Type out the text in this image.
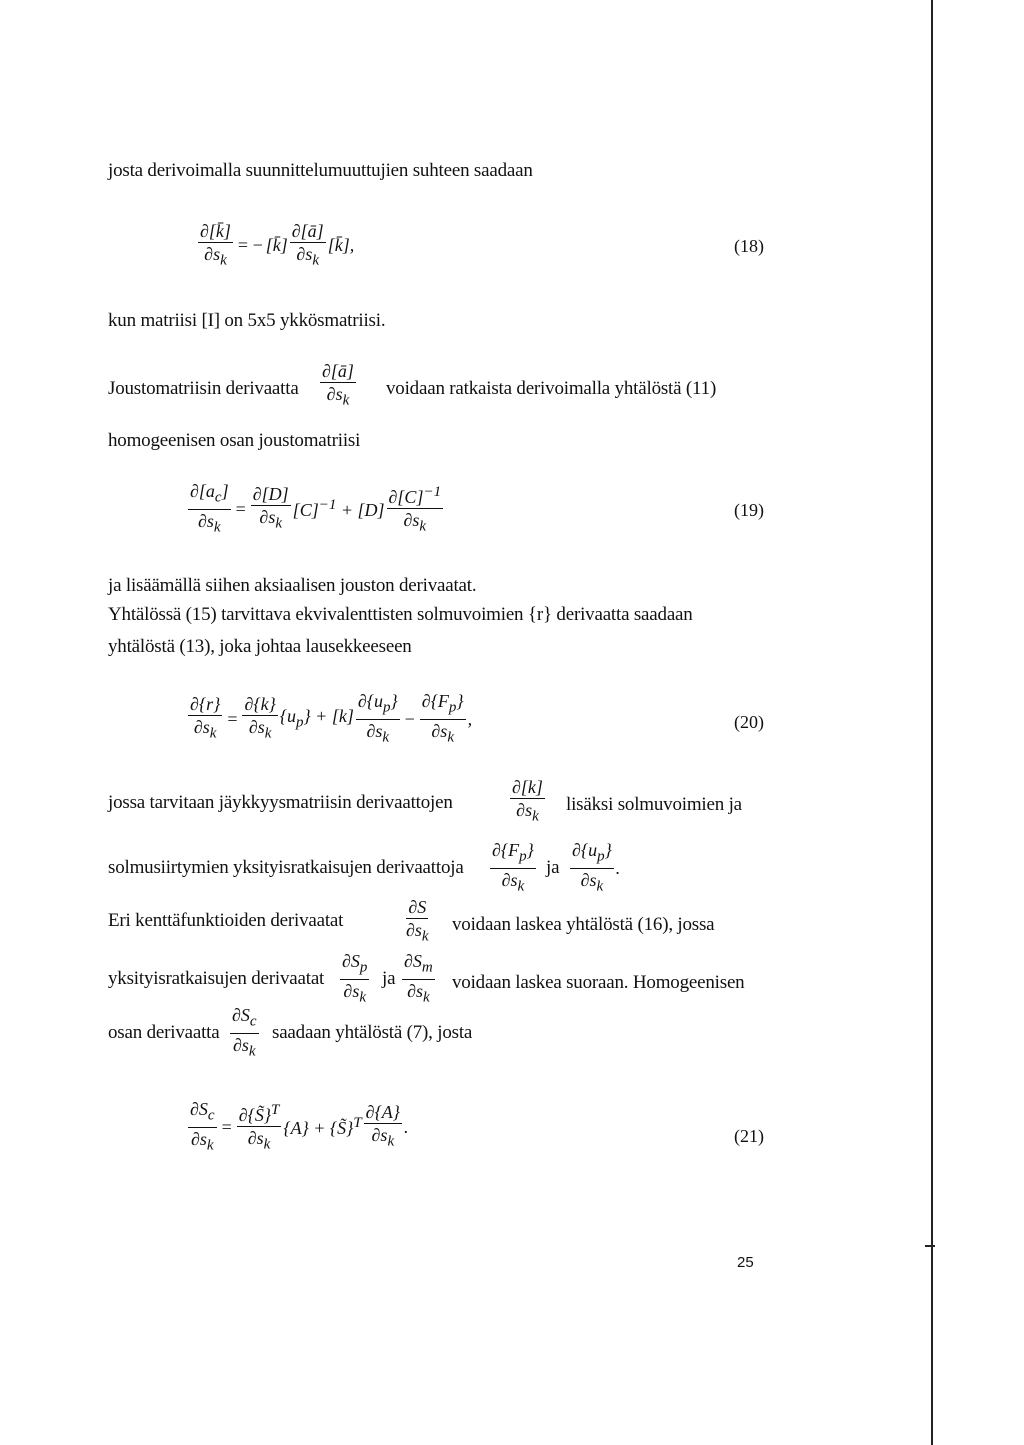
josta derivoimalla suunnittelumuuttujien suhteen saadaan
$\frac{\partial[k̄]}{\partial s_k}$ = − [k̄] $\frac{\partial[ā]}{\partial s_k}$ [k̄],	(18)
kun matriisi [I] on 5x5 ykkösmatriisi.
Joustomatriisin derivaatta $\frac{\partial[ā]}{\partial s_k}$ voidaan ratkaista derivoimalla yhtälöstä (11)
homogeenisen osan joustomatriisi
$\frac{\partial[a_c]}{\partial s_k} = \frac{\partial[D]}{\partial s_k} [C]^{-1} + [D] \frac{\partial[C]^{-1}}{\partial s_k}$	(19)
ja lisäämällä siihen aksiaalisen jouston derivaatat.
Yhtälössä (15) tarvittava ekvivalenttisten solmuvoimien {r} derivaatta saadaan
yhtälöstä (13), joka johtaa lausekkeeseen
$\frac{\partial\{r\}}{\partial s_k} = \frac{\partial\{k\}}{\partial s_k} \{u_p\} + [k] \frac{\partial\{u_p\}}{\partial s_k} - \frac{\partial\{F_p\}}{\partial s_k}$ ,	(20)
jossa tarvitaan jäykkyysmatriisin derivaattojen	$\frac{\partial[k]}{\partial s_k}$ lisäksi solmuvoimien ja
solmusiirtymien yksityisratkaisujen derivaattoja $\frac{\partial\{F_p\}}{\partial s_k}$ ja $\frac{\partial\{u_p\}}{\partial s_k}$ .
Eri kenttäfunktioiden derivaatat	$\frac{\partial S}{\partial s_k}$ voidaan laskea yhtälöstä (16), jossa
yksityisratkaisujen derivaatat $\frac{\partial S_p}{\partial s_k}$ ja $\frac{\partial S_m}{\partial s_k}$ voidaan laskea suoraan. Homogeenisen
osan derivaatta $\frac{\partial S_c}{\partial s_k}$ saadaan yhtälöstä (7), josta
$\frac{\partial S_c}{\partial s_k} = \frac{\partial\{S̃\}^T}{\partial s_k} \{A\}$ + {S̃}$^T$ $\frac{\partial\{A\}}{\partial s_k}$ .	(21)
25
